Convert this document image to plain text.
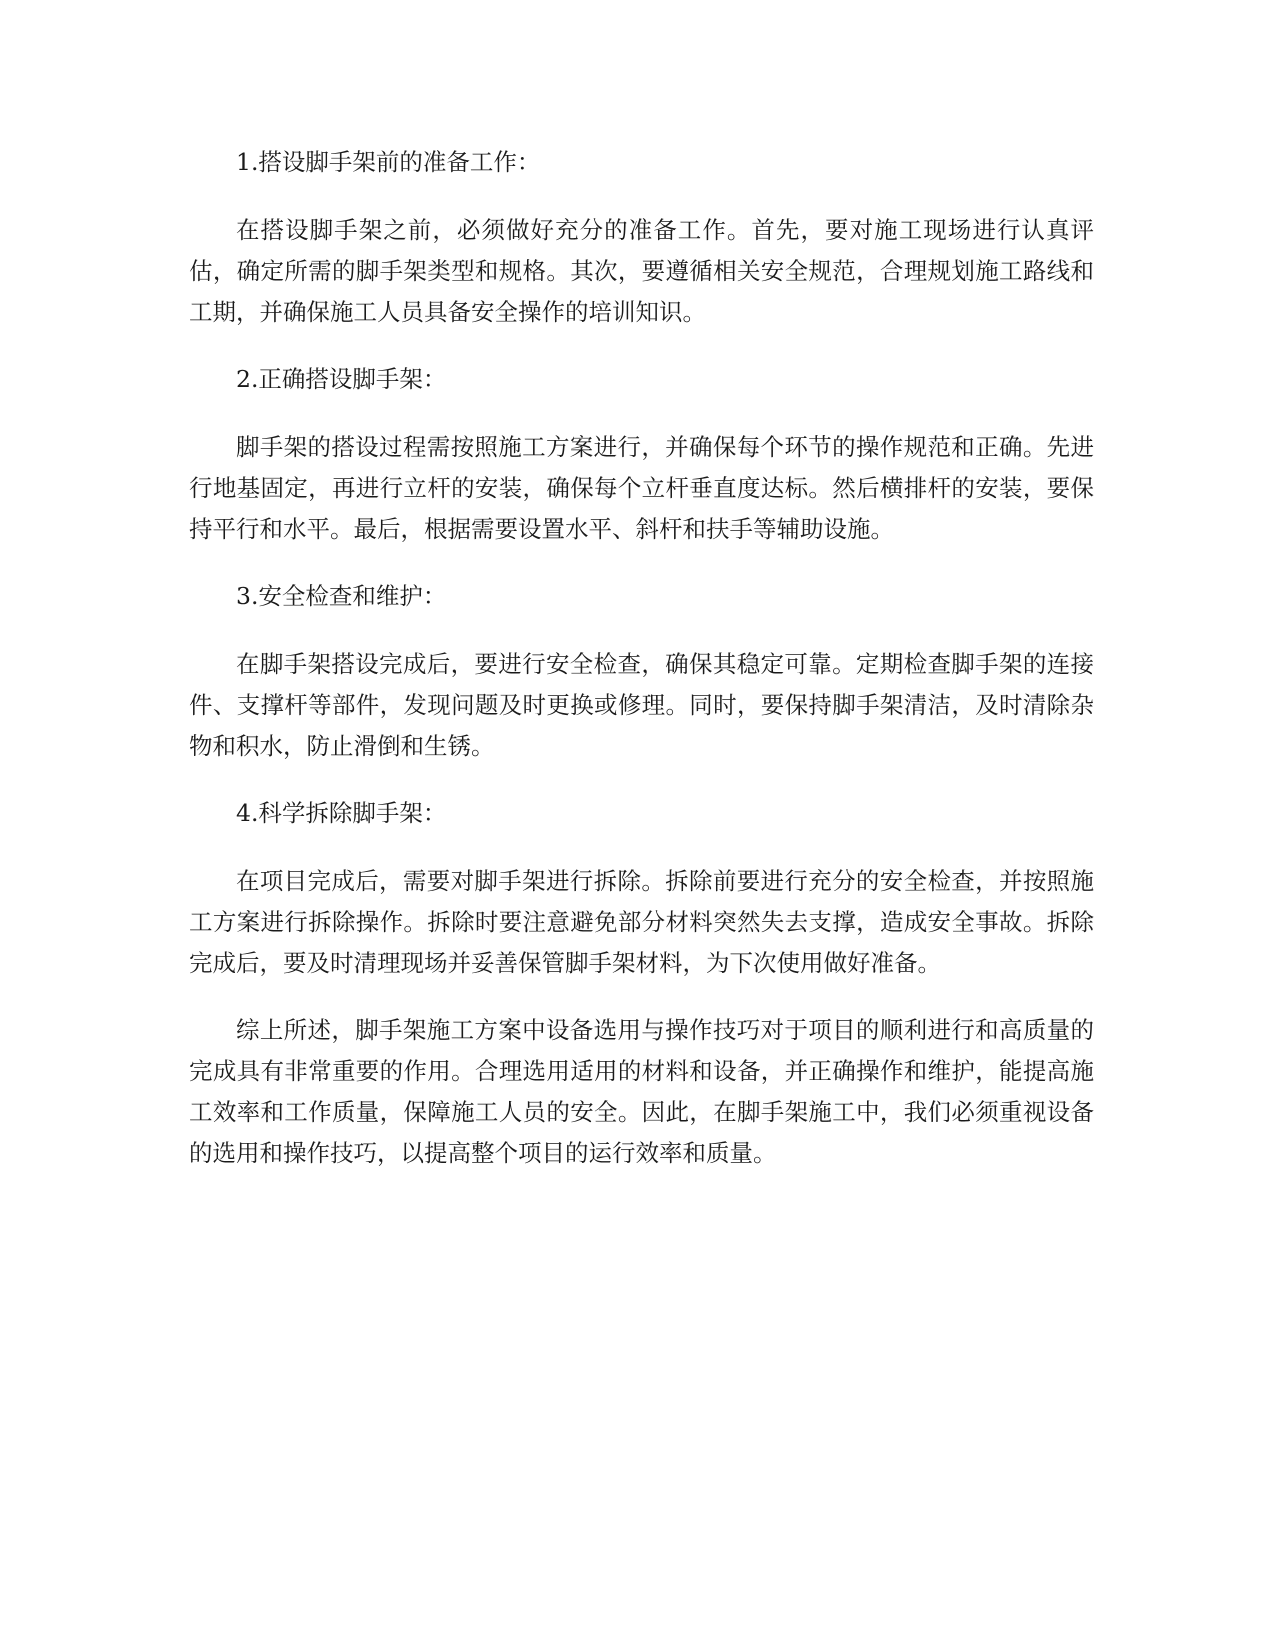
1.搭设脚手架前的准备工作：

在搭设脚手架之前，必须做好充分的准备工作。首先，要对施工现场进行认真评估，确定所需的脚手架类型和规格。其次，要遵循相关安全规范，合理规划施工路线和工期，并确保施工人员具备安全操作的培训知识。

2.正确搭设脚手架：

脚手架的搭设过程需按照施工方案进行，并确保每个环节的操作规范和正确。先进行地基固定，再进行立杆的安装，确保每个立杆垂直度达标。然后横排杆的安装，要保持平行和水平。最后，根据需要设置水平、斜杆和扶手等辅助设施。

3.安全检查和维护：

在脚手架搭设完成后，要进行安全检查，确保其稳定可靠。定期检查脚手架的连接件、支撑杆等部件，发现问题及时更换或修理。同时，要保持脚手架清洁，及时清除杂物和积水，防止滑倒和生锈。

4.科学拆除脚手架：

在项目完成后，需要对脚手架进行拆除。拆除前要进行充分的安全检查，并按照施工方案进行拆除操作。拆除时要注意避免部分材料突然失去支撑，造成安全事故。拆除完成后，要及时清理现场并妥善保管脚手架材料，为下次使用做好准备。

综上所述，脚手架施工方案中设备选用与操作技巧对于项目的顺利进行和高质量的完成具有非常重要的作用。合理选用适用的材料和设备，并正确操作和维护，能提高施工效率和工作质量，保障施工人员的安全。因此，在脚手架施工中，我们必须重视设备的选用和操作技巧，以提高整个项目的运行效率和质量。
